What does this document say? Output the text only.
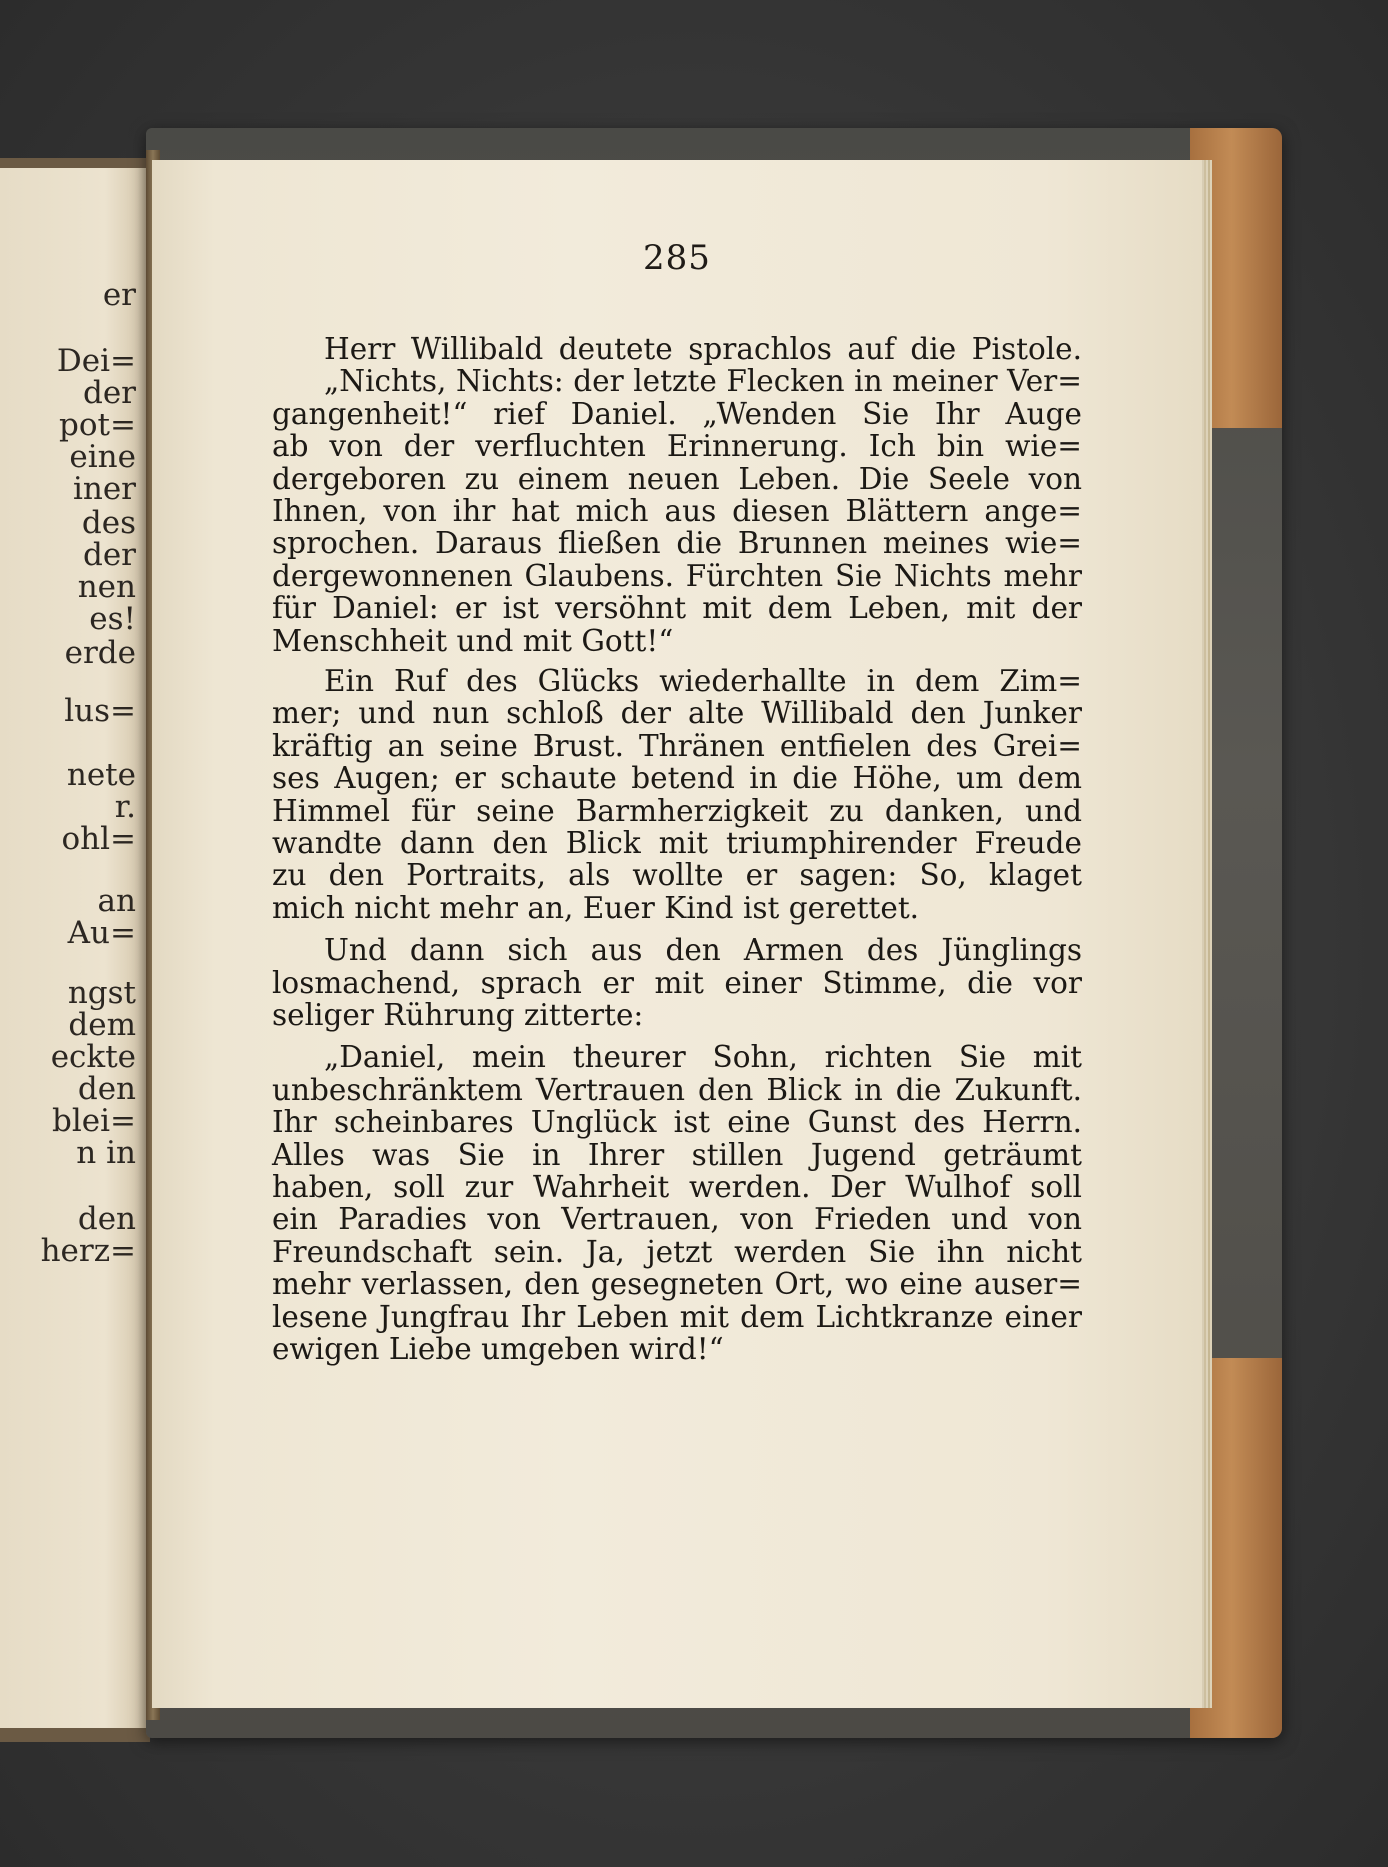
er
Dei=
der
pot=
eine
iner
des
der
nen
es!
erde
lus=
nete
r.
ohl=
an
Au=
ngst
dem
eckte
den
blei=
n in
den
herz=
285
Herr Willibald deutete sprachlos auf die Pistole.
„Nichts, Nichts: der letzte Flecken in meiner Ver=
gangenheit!“ rief Daniel. „Wenden Sie Ihr Auge
ab von der verfluchten Erinnerung. Ich bin wie=
dergeboren zu einem neuen Leben. Die Seele von
Ihnen, von ihr hat mich aus diesen Blättern ange=
sprochen. Daraus fließen die Brunnen meines wie=
dergewonnenen Glaubens. Fürchten Sie Nichts mehr
für Daniel: er ist versöhnt mit dem Leben, mit der
Menschheit und mit Gott!“
Ein Ruf des Glücks wiederhallte in dem Zim=
mer; und nun schloß der alte Willibald den Junker
kräftig an seine Brust. Thränen entfielen des Grei=
ses Augen; er schaute betend in die Höhe, um dem
Himmel für seine Barmherzigkeit zu danken, und
wandte dann den Blick mit triumphirender Freude
zu den Portraits, als wollte er sagen: So, klaget
mich nicht mehr an, Euer Kind ist gerettet.
Und dann sich aus den Armen des Jünglings
losmachend, sprach er mit einer Stimme, die vor
seliger Rührung zitterte:
„Daniel, mein theurer Sohn, richten Sie mit
unbeschränktem Vertrauen den Blick in die Zukunft.
Ihr scheinbares Unglück ist eine Gunst des Herrn.
Alles was Sie in Ihrer stillen Jugend geträumt
haben, soll zur Wahrheit werden. Der Wulhof soll
ein Paradies von Vertrauen, von Frieden und von
Freundschaft sein. Ja, jetzt werden Sie ihn nicht
mehr verlassen, den gesegneten Ort, wo eine auser=
lesene Jungfrau Ihr Leben mit dem Lichtkranze einer
ewigen Liebe umgeben wird!“
